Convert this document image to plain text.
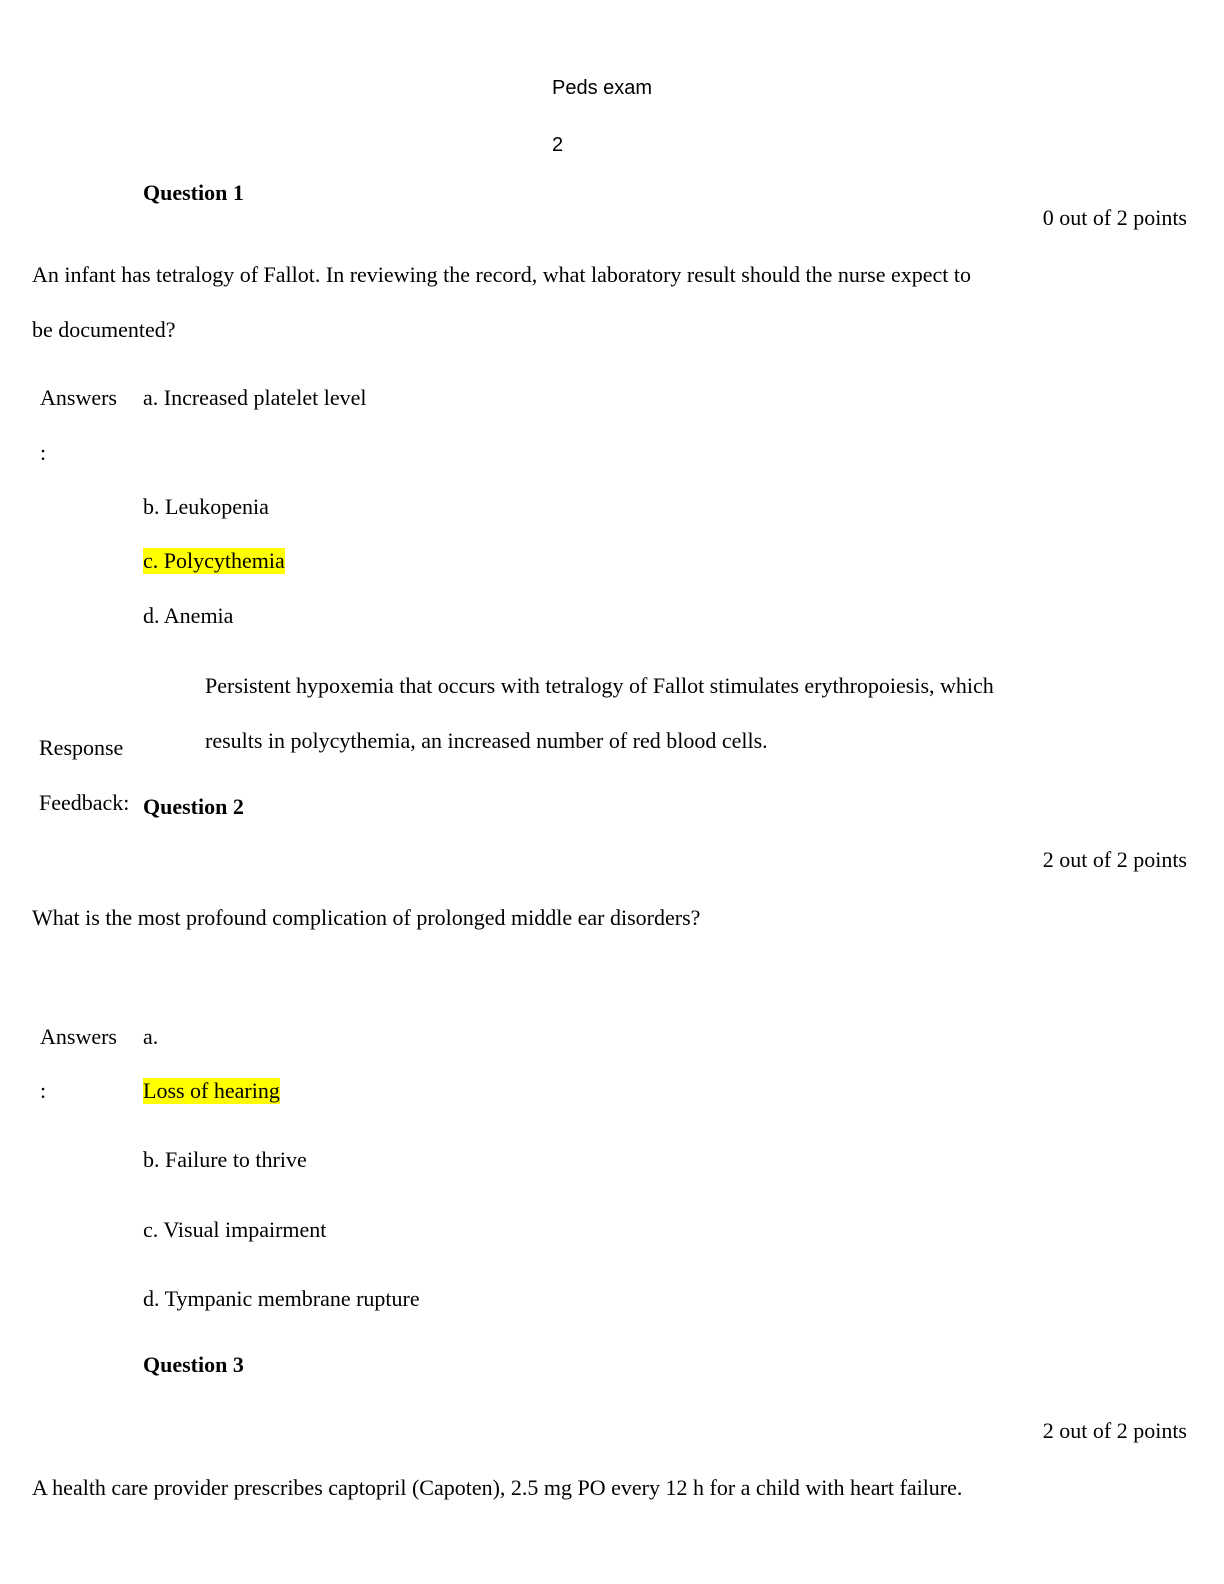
Peds exam
2
Question 1
0 out of 2 points
An infant has tetralogy of Fallot. In reviewing the record, what laboratory result should the nurse expect to
be documented?
Answers
:
a. Increased platelet level
b. Leukopenia
c. Polycythemia
d. Anemia
Persistent hypoxemia that occurs with tetralogy of Fallot stimulates erythropoiesis, which
results in polycythemia, an increased number of red blood cells.
Response
Feedback: Question 2
2 out of 2 points
What is the most profound complication of prolonged middle ear disorders?
Answers
:
a.
Loss of hearing
b. Failure to thrive
c. Visual impairment
d. Tympanic membrane rupture
Question 3
2 out of 2 points
A health care provider prescribes captopril (Capoten), 2.5 mg PO every 12 h for a child with heart failure.
